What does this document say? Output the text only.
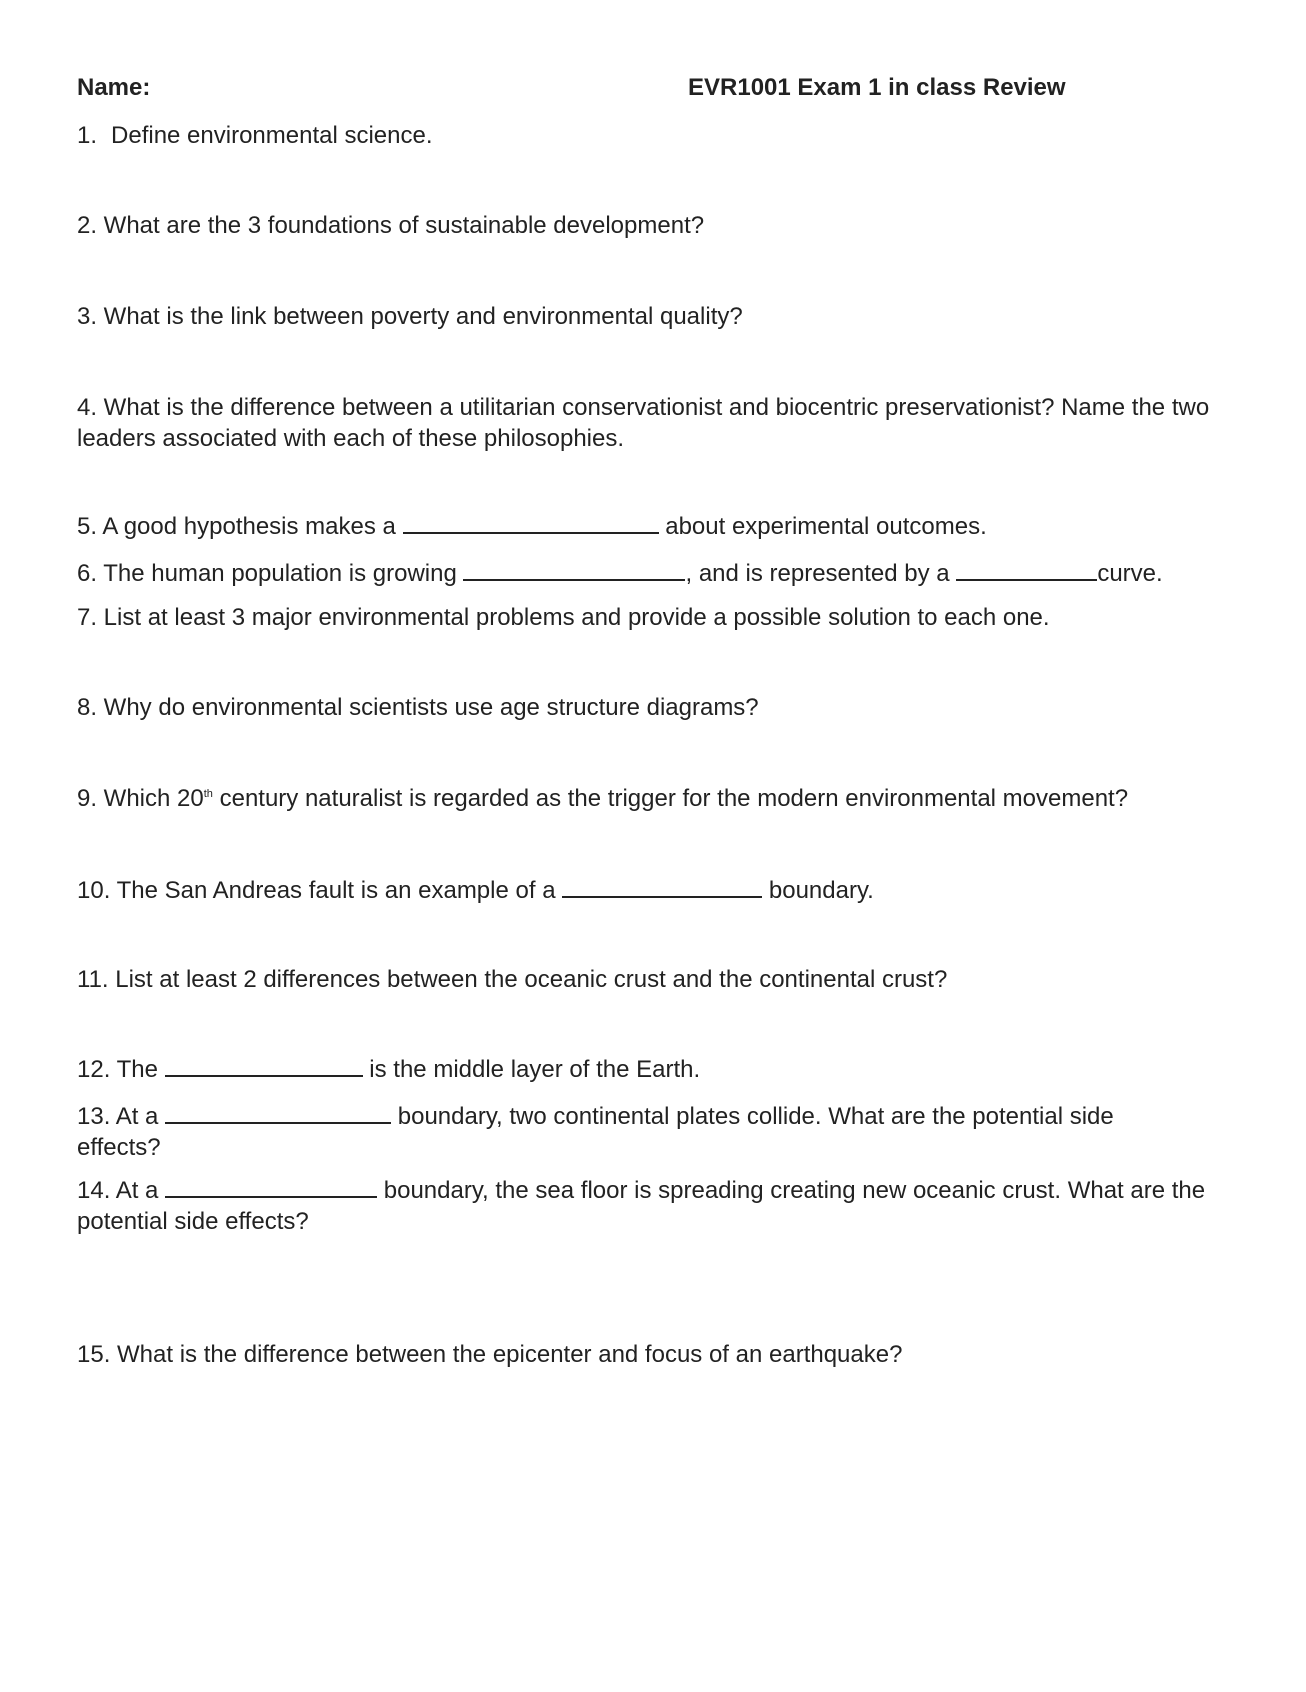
Name:	EVR1001 Exam 1 in class Review
1. Define environmental science.
2. What are the 3 foundations of sustainable development?
3. What is the link between poverty and environmental quality?
4. What is the difference between a utilitarian conservationist and biocentric preservationist? Name the two leaders associated with each of these philosophies.
5. A good hypothesis makes a	about experimental outcomes.
6. The human population is growing	, and is represented by a	curve.
7. List at least 3 major environmental problems and provide a possible solution to each one.
8. Why do environmental scientists use age structure diagrams?
9. Which 20th century naturalist is regarded as the trigger for the modern environmental movement?
10. The San Andreas fault is an example of a	boundary.
11. List at least 2 differences between the oceanic crust and the continental crust?
12. The	is the middle layer of the Earth.
13. At a	boundary, two continental plates collide. What are the potential side effects?
14. At a	boundary, the sea floor is spreading creating new oceanic crust. What are the potential side effects?
15. What is the difference between the epicenter and focus of an earthquake?
